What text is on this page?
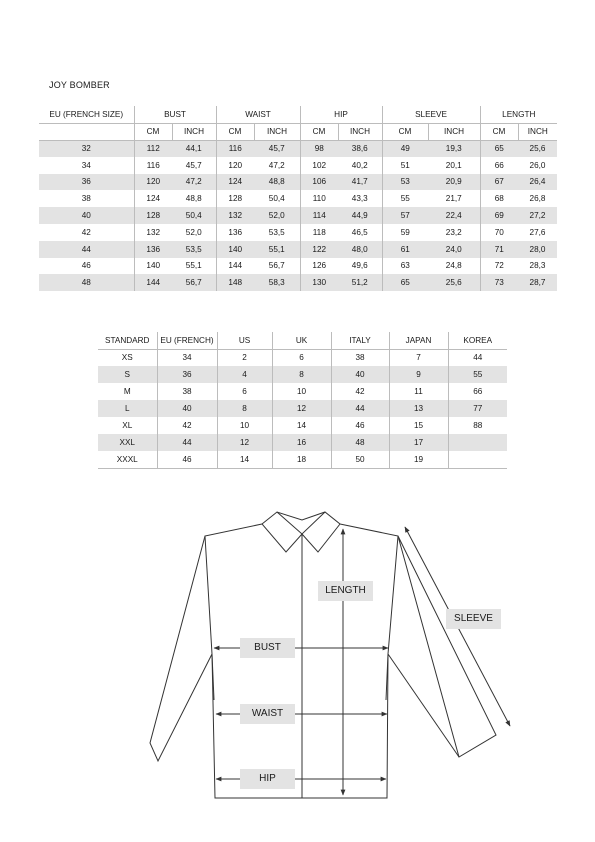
JOY BOMBER
EU (FRENCH SIZE)	BUST		WAIST		HIP		SLEEVE		LENGTH	
	CM	INCH	CM	INCH	CM	INCH	CM	INCH	CM	INCH
32	112	44,1	116	45,7	98	38,6	49	19,3	65	25,6
34	116	45,7	120	47,2	102	40,2	51	20,1	66	26,0
36	120	47,2	124	48,8	106	41,7	53	20,9	67	26,4
38	124	48,8	128	50,4	110	43,3	55	21,7	68	26,8
40	128	50,4	132	52,0	114	44,9	57	22,4	69	27,2
42	132	52,0	136	53,5	118	46,5	59	23,2	70	27,6
44	136	53,5	140	55,1	122	48,0	61	24,0	71	28,0
46	140	55,1	144	56,7	126	49,6	63	24,8	72	28,3
48	144	56,7	148	58,3	130	51,2	65	25,6	73	28,7
STANDARD	EU (FRENCH)	US	UK	ITALY	JAPAN	KOREA
XS	34	2	6	38	7	44
S	36	4	8	40	9	55
M	38	6	10	42	11	66
L	40	8	12	44	13	77
XL	42	10	14	46	15	88
XXL	44	12	16	48	17	
XXXL	46	14	18	50	19	
LENGTH
BUST
WAIST
HIP
SLEEVE
